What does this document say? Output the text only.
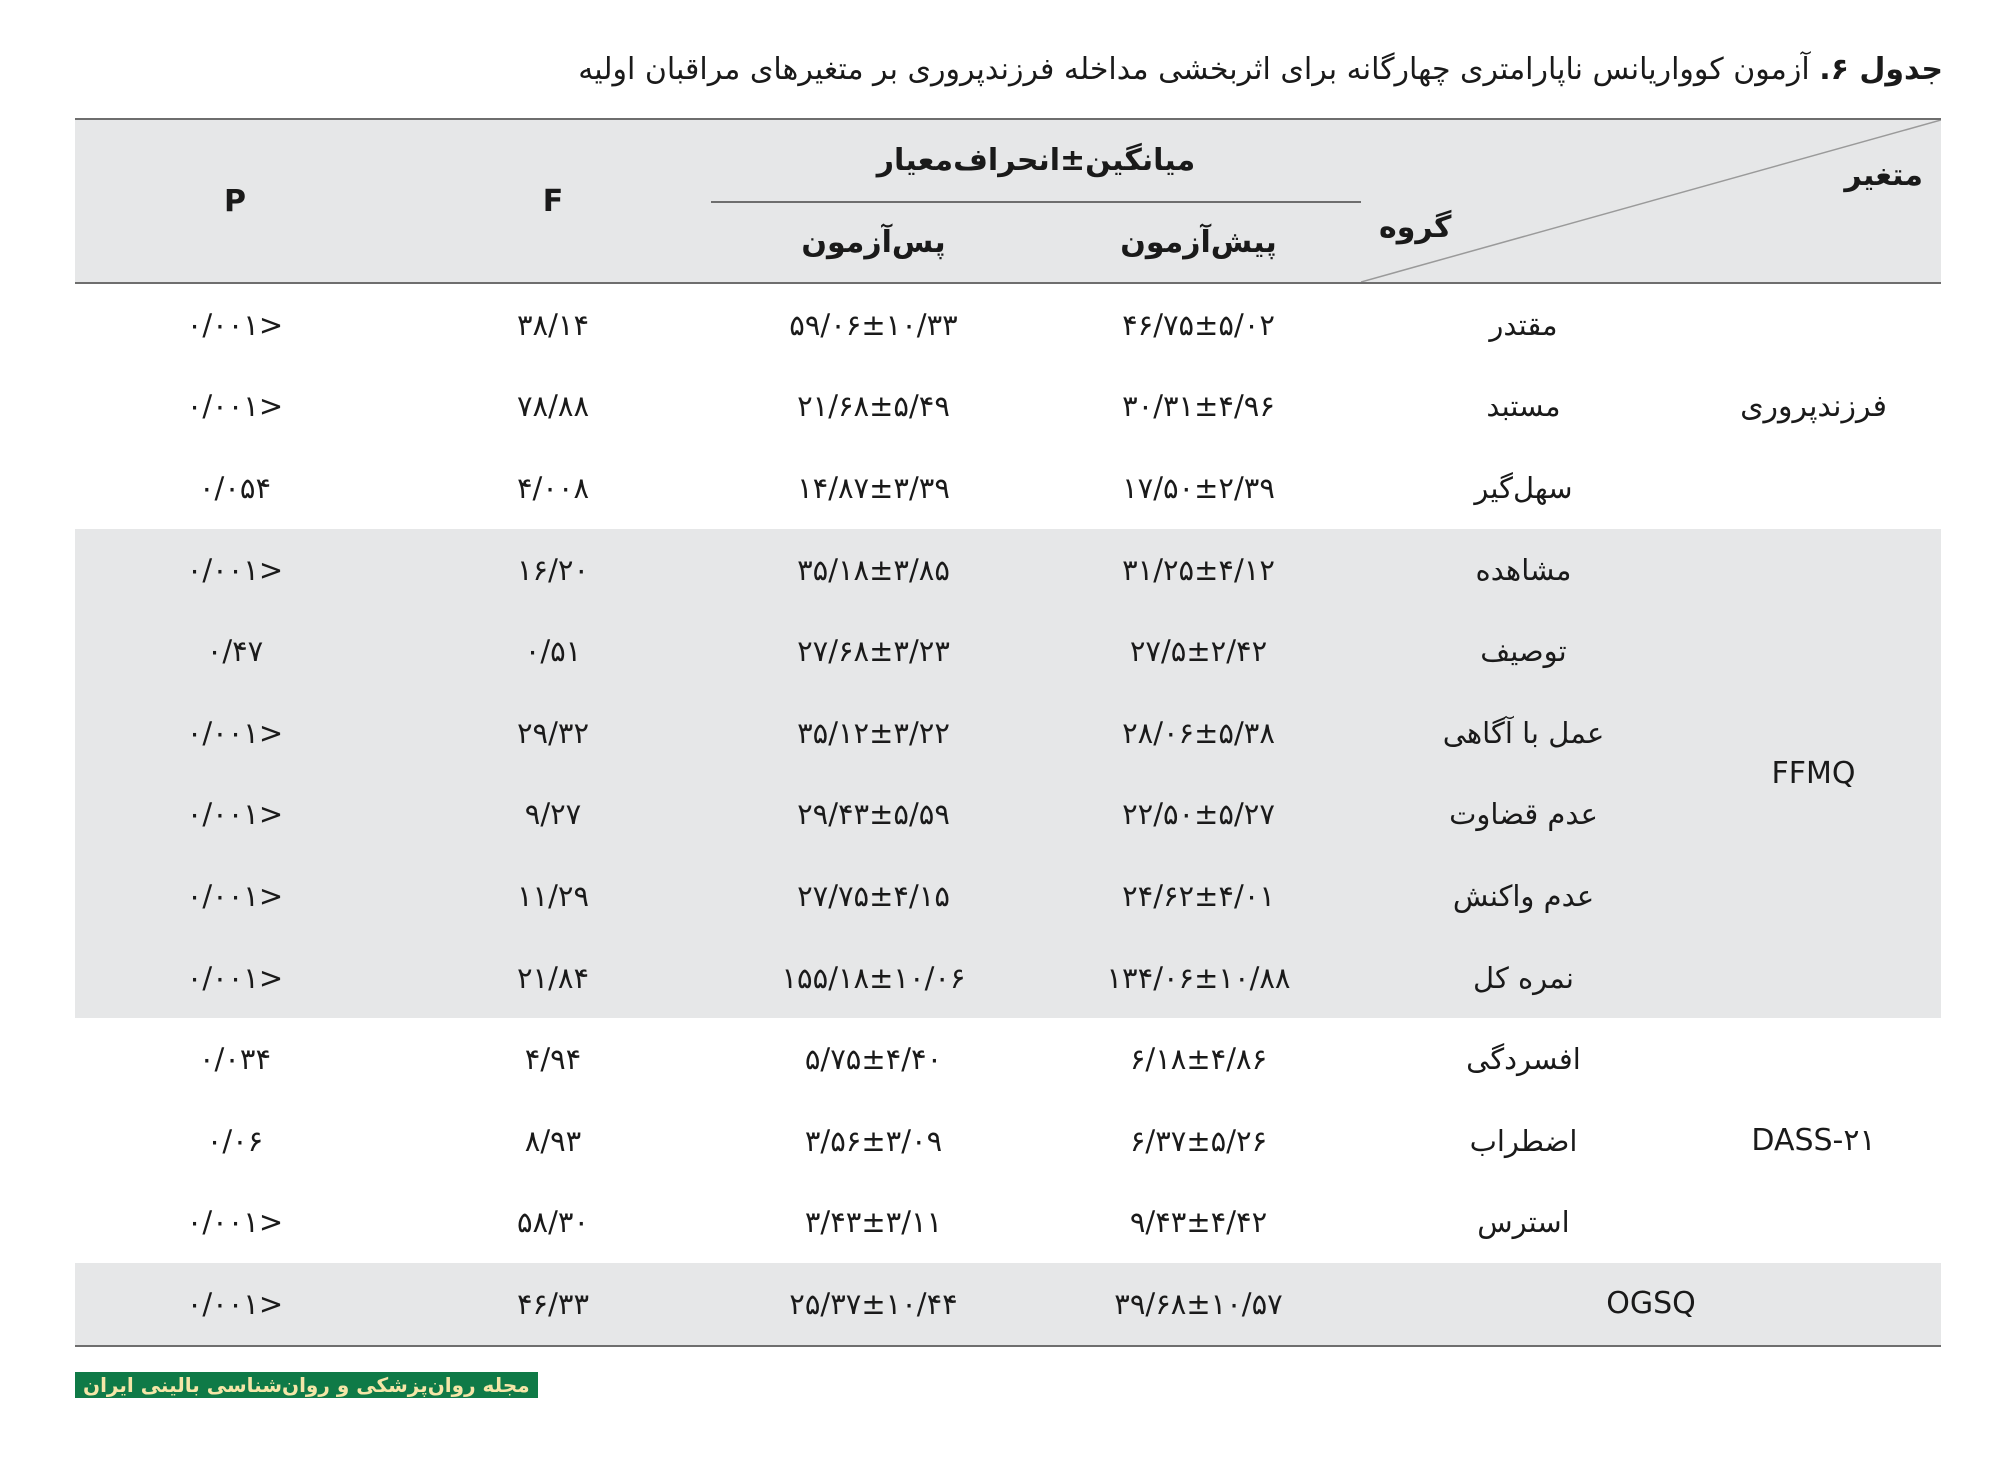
جدول ۶. آزمون کوواریانس ناپارامتری چهارگانه برای اثربخشی مداخله فرزندپروری بر متغیرهای مراقبان اولیه
متغیر
گروه		میانگین±انحراف‌معیار		F	P
		پیش‌آزمون	پس‌آزمون		
فرزندپروری	مقتدر	۴۶/۷۵±۵/۰۲	۵۹/۰۶±۱۰/۳۳	۳۸/۱۴	<۰/۰۰۱
	مستبد	۳۰/۳۱±۴/۹۶	۲۱/۶۸±۵/۴۹	۷۸/۸۸	<۰/۰۰۱
	سهل‌گیر	۱۷/۵۰±۲/۳۹	۱۴/۸۷±۳/۳۹	۴/۰۰۸	۰/۰۵۴
FFMQ	مشاهده	۳۱/۲۵±۴/۱۲	۳۵/۱۸±۳/۸۵	۱۶/۲۰	<۰/۰۰۱
	توصیف	۲۷/۵±۲/۴۲	۲۷/۶۸±۳/۲۳	۰/۵۱	۰/۴۷
	عمل با آگاهی	۲۸/۰۶±۵/۳۸	۳۵/۱۲±۳/۲۲	۲۹/۳۲	<۰/۰۰۱
	عدم قضاوت	۲۲/۵۰±۵/۲۷	۲۹/۴۳±۵/۵۹	۹/۲۷	<۰/۰۰۱
	عدم واکنش	۲۴/۶۲±۴/۰۱	۲۷/۷۵±۴/۱۵	۱۱/۲۹	<۰/۰۰۱
	نمره کل	۱۳۴/۰۶±۱۰/۸۸	۱۵۵/۱۸±۱۰/۰۶	۲۱/۸۴	<۰/۰۰۱
DASS-۲۱	افسردگی	۶/۱۸±۴/۸۶	۵/۷۵±۴/۴۰	۴/۹۴	۰/۰۳۴
	اضطراب	۶/۳۷±۵/۲۶	۳/۵۶±۳/۰۹	۸/۹۳	۰/۰۶
	استرس	۹/۴۳±۴/۴۲	۳/۴۳±۳/۱۱	۵۸/۳۰	<۰/۰۰۱
OGSQ		۳۹/۶۸±۱۰/۵۷	۲۵/۳۷±۱۰/۴۴	۴۶/۳۳	<۰/۰۰۱
مجله روان‌پزشکی و روان‌شناسی بالینی ایران
